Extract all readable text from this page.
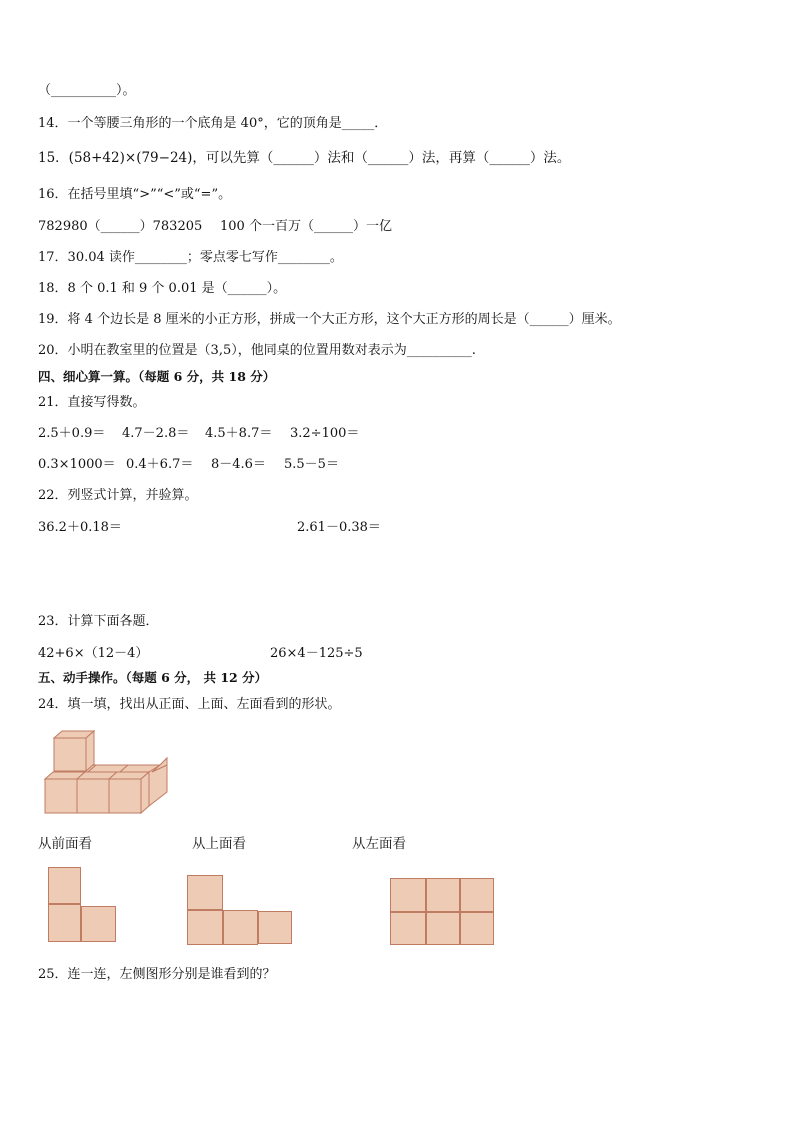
（__________）。
14．一个等腰三角形的一个底角是 40°，它的顶角是_____．
15．(58+42)×(79−24)，可以先算（______）法和（______）法，再算（______）法。
16．在括号里填“>”“<”或“=”。
782980（______）783205 100 个一百万（______）一亿
17．30.04 读作________；零点零七写作________。
18．8 个 0.1 和 9 个 0.01 是（______）。
19．将 4 个边长是 8 厘米的小正方形，拼成一个大正方形，这个大正方形的周长是（______）厘米。
20．小明在教室里的位置是（3,5），他同桌的位置用数对表示为__________.
四、细心算一算。（每题 6 分，共 18 分）
21．直接写得数。
2.5＋0.9＝ 4.7－2.8＝ 4.5＋8.7＝ 3.2÷100＝
0.3×1000＝ 0.4＋6.7＝ 8－4.6＝ 5.5－5＝
22．列竖式计算，并验算。
36.2＋0.18＝	2.61－0.38＝
23．计算下面各题．
42+6×（12－4）	26×4－125÷5
五、动手操作。（每题 6 分， 共 12 分）
24．填一填，找出从正面、上面、左面看到的形状。
从前面看	从上面看	从左面看
25．连一连，左侧图形分别是谁看到的？
